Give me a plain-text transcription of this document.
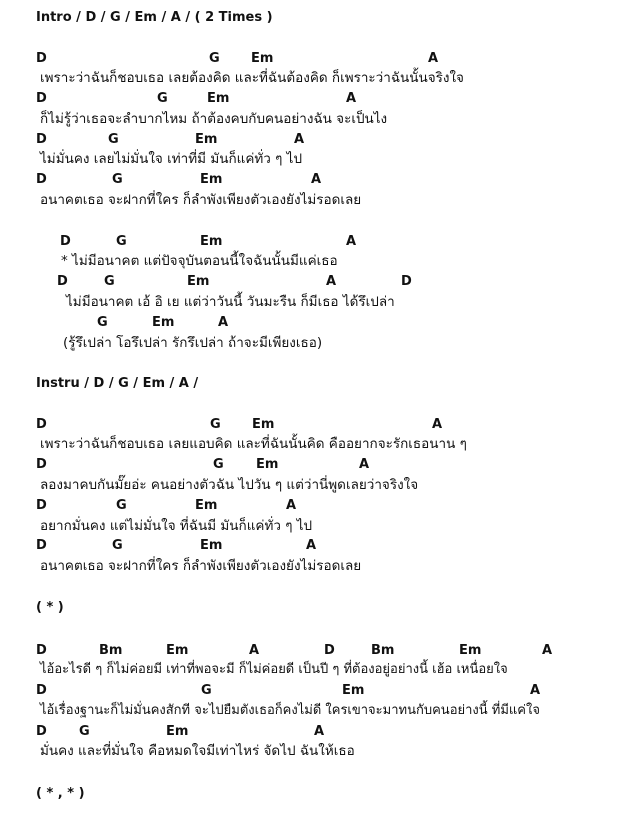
Intro / D / G / Em / A / ( 2 Times )
D	G Em	A
เพราะว่าฉันก็ชอบเธอ เลยต้องคิด และที่ฉันต้องคิด ก็เพราะว่าฉันนั้นจริงใจ
D	G	Em	A
ก็ไม่รู้ว่าเธอจะลำบากไหม ถ้าต้องคบกับคนอย่างฉัน จะเป็นไง
D	G	Em	A
ไม่มั่นคง เลยไม่มั่นใจ เท่าที่มี มันก็แค่ทั่ว ๆ ไป
D	G	Em	A
อนาคตเธอ จะฝากที่ใคร ก็ลำพังเพียงตัวเองยังไม่รอดเลย
D	G	Em	A
* ไม่มีอนาคต แต่ปัจจุบันตอนนี้ใจฉันนั้นมีแค่เธอ
D	G	Em	A	D
ไม่มีอนาคต เอ้ อิ เย แต่ว่าวันนี้ วันมะรืน ก็มีเธอ ได้รึเปล่า
G	Em	A
(รู้รึเปล่า โอรึเปล่า รักรึเปล่า ถ้าจะมีเพียงเธอ)
Instru / D / G / Em / A /
D	G Em	A
เพราะว่าฉันก็ชอบเธอ เลยแอบคิด และที่ฉันนั้นคิด คืออยากจะรักเธอนาน ๆ
D	G Em	A
ลองมาคบกันมั๊ยอ่ะ คนอย่างตัวฉัน ไปวัน ๆ แต่ว่านี่พูดเลยว่าจริงใจ
D	G	Em	A
อยากมั่นคง แต่ไม่มั่นใจ ที่ฉันมี มันก็แค่ทั่ว ๆ ไป
D	G	Em	A
อนาคตเธอ จะฝากที่ใคร ก็ลำพังเพียงตัวเองยังไม่รอดเลย
( * )
D	Bm	Em	A	D	Bm	Em	A
ไอ้อะไรดี ๆ ก็ไม่ค่อยมี เท่าที่พอจะมี ก็ไม่ค่อยดี เป็นปี ๆ ที่ต้องอยู่อย่างนี้ เฮ้อ เหนื่อยใจ
D	G	Em	A
ไอ้เรื่องฐานะก็ไม่มั่นคงสักที จะไปยืมตังเธอก็คงไม่ดี ใครเขาจะมาทนกับคนอย่างนี้ ที่มีแค่ใจ
D G	Em	A
มั่นคง และที่มั่นใจ คือหมดใจมีเท่าไหร่ จัดไป ฉันให้เธอ
( * , * )
